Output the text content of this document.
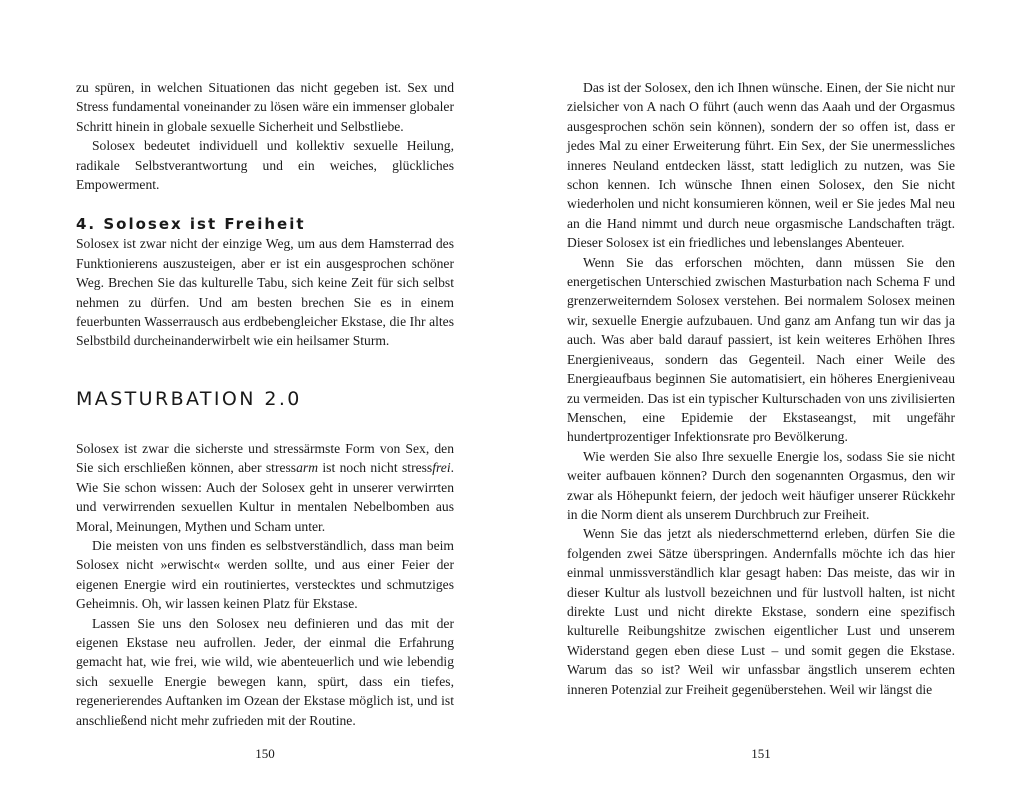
zu spüren, in welchen Situationen das nicht gegeben ist. Sex und Stress fundamental voneinander zu lösen wäre ein immenser globaler Schritt hinein in globale sexuelle Sicherheit und Selbstliebe.

Solosex bedeutet individuell und kollektiv sexuelle Heilung, radikale Selbstverantwortung und ein weiches, glückliches Empowerment.

4. Solosex ist Freiheit

Solosex ist zwar nicht der einzige Weg, um aus dem Hamsterrad des Funktionierens auszusteigen, aber er ist ein ausgesprochen schöner Weg. Brechen Sie das kulturelle Tabu, sich keine Zeit für sich selbst nehmen zu dürfen. Und am besten brechen Sie es in einem feuerbunten Wasserrausch aus erdbebengleicher Ekstase, die Ihr altes Selbstbild durcheinanderwirbelt wie ein heilsamer Sturm.

MASTURBATION 2.0

Solosex ist zwar die sicherste und stressärmste Form von Sex, den Sie sich erschließen können, aber stressarm ist noch nicht stressfrei. Wie Sie schon wissen: Auch der Solosex geht in unserer verwirrten und verwirrenden sexuellen Kultur in mentalen Nebelbomben aus Moral, Meinungen, Mythen und Scham unter.

Die meisten von uns finden es selbstverständlich, dass man beim Solosex nicht »erwischt« werden sollte, und aus einer Feier der eigenen Energie wird ein routiniertes, verstecktes und schmutziges Geheimnis. Oh, wir lassen keinen Platz für Ekstase.

Lassen Sie uns den Solosex neu definieren und das mit der eigenen Ekstase neu aufrollen. Jeder, der einmal die Erfahrung gemacht hat, wie frei, wie wild, wie abenteuerlich und wie lebendig sich sexuelle Energie bewegen kann, spürt, dass ein tiefes, regenerierendes Auftanken im Ozean der Ekstase möglich ist, und ist anschließend nicht mehr zufrieden mit der Routine.

150

Das ist der Solosex, den ich Ihnen wünsche. Einen, der Sie nicht nur zielsicher von A nach O führt (auch wenn das Aaah und der Orgasmus ausgesprochen schön sein können), sondern der so offen ist, dass er jedes Mal zu einer Erweiterung führt. Ein Sex, der Sie unermessliches inneres Neuland entdecken lässt, statt lediglich zu nutzen, was Sie schon kennen. Ich wünsche Ihnen einen Solosex, den Sie nicht wiederholen und nicht konsumieren können, weil er Sie jedes Mal neu an die Hand nimmt und durch neue orgasmische Landschaften trägt. Dieser Solosex ist ein friedliches und lebenslanges Abenteuer.

Wenn Sie das erforschen möchten, dann müssen Sie den energetischen Unterschied zwischen Masturbation nach Schema F und grenzerweiterndem Solosex verstehen. Bei normalem Solosex meinen wir, sexuelle Energie aufzubauen. Und ganz am Anfang tun wir das ja auch. Was aber bald darauf passiert, ist kein weiteres Erhöhen Ihres Energieniveaus, sondern das Gegenteil. Nach einer Weile des Energieaufbaus beginnen Sie automatisiert, ein höheres Energieniveau zu vermeiden. Das ist ein typischer Kulturschaden von uns zivilisierten Menschen, eine Epidemie der Ekstaseangst, mit ungefähr hundertprozentiger Infektionsrate pro Bevölkerung.

Wie werden Sie also Ihre sexuelle Energie los, sodass Sie sie nicht weiter aufbauen können? Durch den sogenannten Orgasmus, den wir zwar als Höhepunkt feiern, der jedoch weit häufiger unserer Rückkehr in die Norm dient als unserem Durchbruch zur Freiheit.

Wenn Sie das jetzt als niederschmetternd erleben, dürfen Sie die folgenden zwei Sätze überspringen. Andernfalls möchte ich das hier einmal unmissverständlich klar gesagt haben: Das meiste, das wir in dieser Kultur als lustvoll bezeichnen und für lustvoll halten, ist nicht direkte Lust und nicht direkte Ekstase, sondern eine spezifisch kulturelle Reibungshitze zwischen eigentlicher Lust und unserem Widerstand gegen eben diese Lust – und somit gegen die Ekstase. Warum das so ist? Weil wir unfassbar ängstlich unserem echten inneren Potenzial zur Freiheit gegenüberstehen. Weil wir längst die

151
